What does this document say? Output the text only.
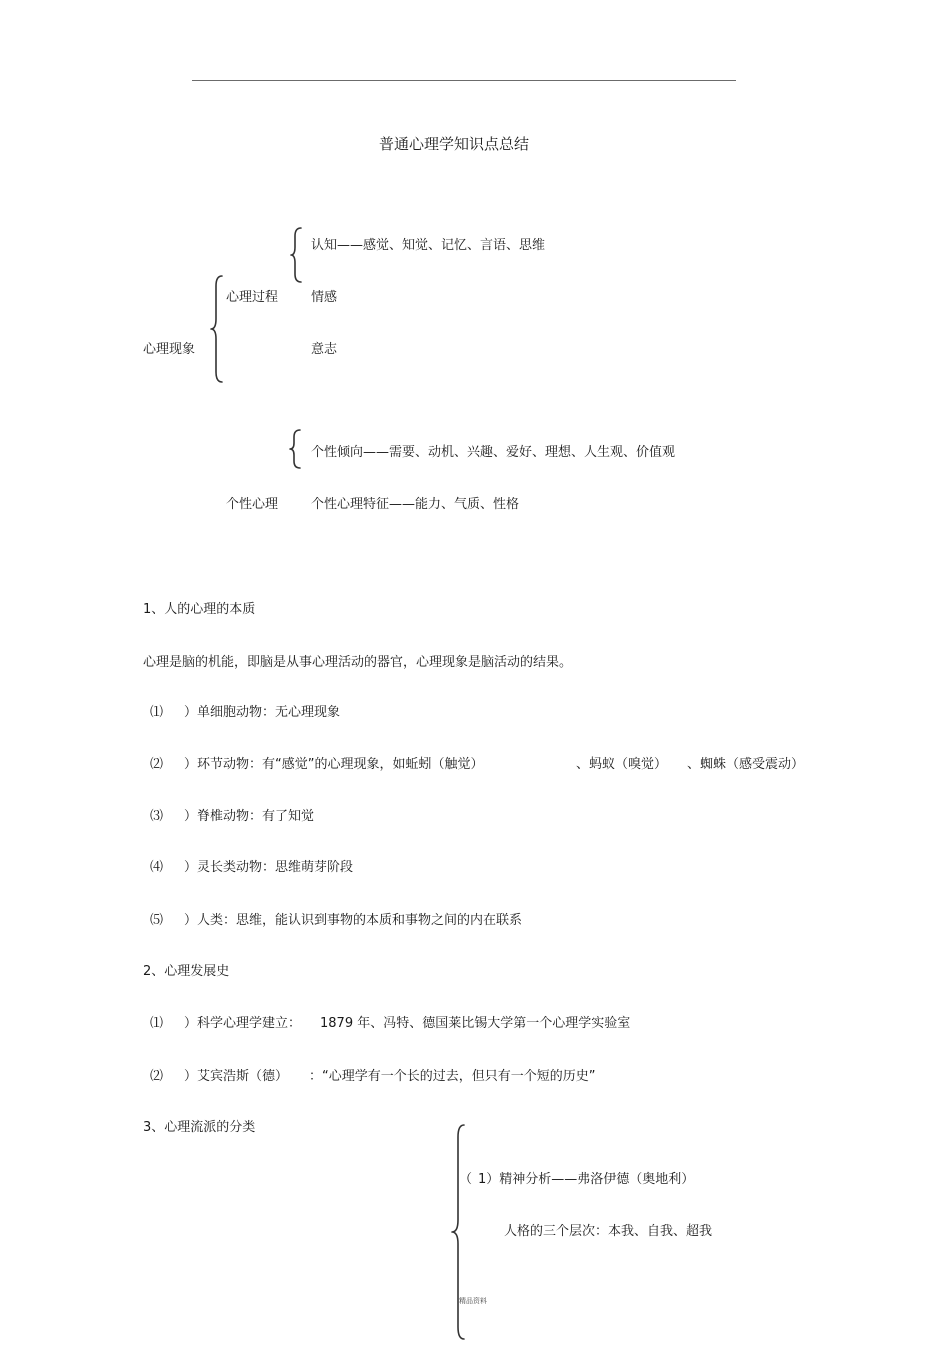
普通心理学知识点总结
认知——感觉、知觉、记忆、言语、思维
心理过程	情感
心理现象	意志
个性倾向——需要、动机、兴趣、爱好、理想、人生观、价值观
个性心理	个性心理特征——能力、气质、性格
1、人的心理的本质
心理是脑的机能，即脑是从事心理活动的器官，心理现象是脑活动的结果。
⑴ ）单细胞动物：无心理现象
⑵ ）环节动物：有“感觉”的心理现象，如蚯蚓（触觉）	、蚂蚁（嗅觉） 、蜘蛛（感受震动）
⑶ ）脊椎动物：有了知觉
⑷ ）灵长类动物：思维萌芽阶段
⑸ ）人类：思维，能认识到事物的本质和事物之间的内在联系
2、心理发展史
⑴ ）科学心理学建立： 1879 年、冯特、德国莱比锡大学第一个心理学实验室
⑵ ）艾宾浩斯（德） ：“心理学有一个长的过去，但只有一个短的历史”
3、心理流派的分类
（ 1）精神分析——弗洛伊德（奥地利）
人格的三个层次：本我、自我、超我
精品资料
